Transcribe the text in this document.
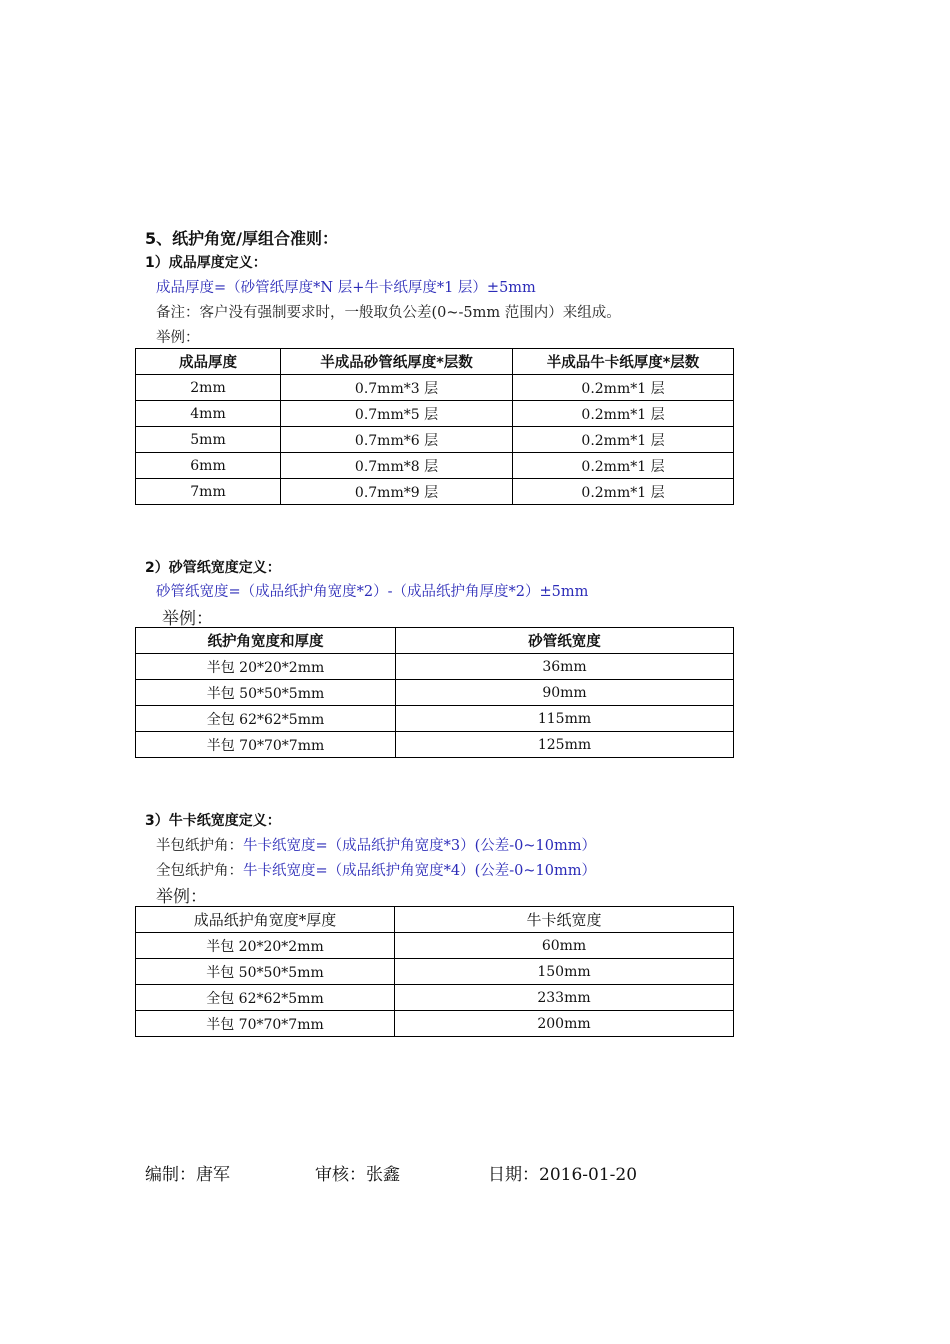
5、纸护角宽/厚组合准则：
1）成品厚度定义：
成品厚度=（砂管纸厚度*N 层+牛卡纸厚度*1 层）±5mm
备注：客户没有强制要求时，一般取负公差(0~-5mm 范围内）来组成。
举例：
成品厚度	半成品砂管纸厚度*层数	半成品牛卡纸厚度*层数
2mm	0.7mm*3 层	0.2mm*1 层
4mm	0.7mm*5 层	0.2mm*1 层
5mm	0.7mm*6 层	0.2mm*1 层
6mm	0.7mm*8 层	0.2mm*1 层
7mm	0.7mm*9 层	0.2mm*1 层
2）砂管纸宽度定义：
砂管纸宽度=（成品纸护角宽度*2）-（成品纸护角厚度*2）±5mm
举例：
纸护角宽度和厚度	砂管纸宽度
半包 20*20*2mm	36mm
半包 50*50*5mm	90mm
全包 62*62*5mm	115mm
半包 70*70*7mm	125mm
3）牛卡纸宽度定义：
半包纸护角：牛卡纸宽度=（成品纸护角宽度*3）(公差-0~10mm）
全包纸护角：牛卡纸宽度=（成品纸护角宽度*4）(公差-0~10mm）
举例：
成品纸护角宽度*厚度	牛卡纸宽度
半包 20*20*2mm	60mm
半包 50*50*5mm	150mm
全包 62*62*5mm	233mm
半包 70*70*7mm	200mm
编制：唐军	审核：张鑫	日期：2016-01-20
